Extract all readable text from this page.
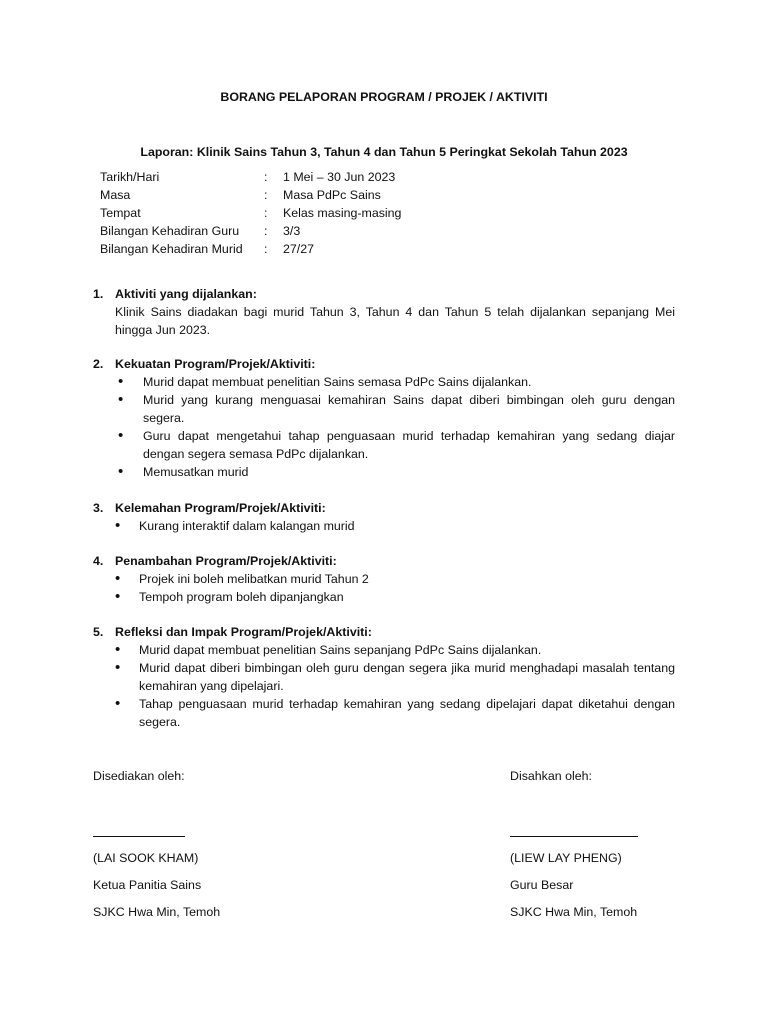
BORANG PELAPORAN PROGRAM / PROJEK / AKTIVITI
Laporan: Klinik Sains Tahun 3, Tahun 4 dan Tahun 5 Peringkat Sekolah Tahun 2023
Tarikh/Hari	:	1 Mei – 30 Jun 2023
Masa	:	Masa PdPc Sains
Tempat	:	Kelas masing-masing
Bilangan Kehadiran Guru	:	3/3
Bilangan Kehadiran Murid	:	27/27
1. Aktiviti yang dijalankan:
Klinik Sains diadakan bagi murid Tahun 3, Tahun 4 dan Tahun 5 telah dijalankan sepanjang Mei hingga Jun 2023.
2. Kekuatan Program/Projek/Aktiviti:
• Murid dapat membuat penelitian Sains semasa PdPc Sains dijalankan.
• Murid yang kurang menguasai kemahiran Sains dapat diberi bimbingan oleh guru dengan segera.
• Guru dapat mengetahui tahap penguasaan murid terhadap kemahiran yang sedang diajar dengan segera semasa PdPc dijalankan.
• Memusatkan murid
3. Kelemahan Program/Projek/Aktiviti:
• Kurang interaktif dalam kalangan murid
4. Penambahan Program/Projek/Aktiviti:
• Projek ini boleh melibatkan murid Tahun 2
• Tempoh program boleh dipanjangkan
5. Refleksi dan Impak Program/Projek/Aktiviti:
• Murid dapat membuat penelitian Sains sepanjang PdPc Sains dijalankan.
• Murid dapat diberi bimbingan oleh guru dengan segera jika murid menghadapi masalah tentang kemahiran yang dipelajari.
• Tahap penguasaan murid terhadap kemahiran yang sedang dipelajari dapat diketahui dengan segera.
Disediakan oleh:
(LAI SOOK KHAM)
Ketua Panitia Sains
SJKC Hwa Min, Temoh
Disahkan oleh:
(LIEW LAY PHENG)
Guru Besar
SJKC Hwa Min, Temoh
